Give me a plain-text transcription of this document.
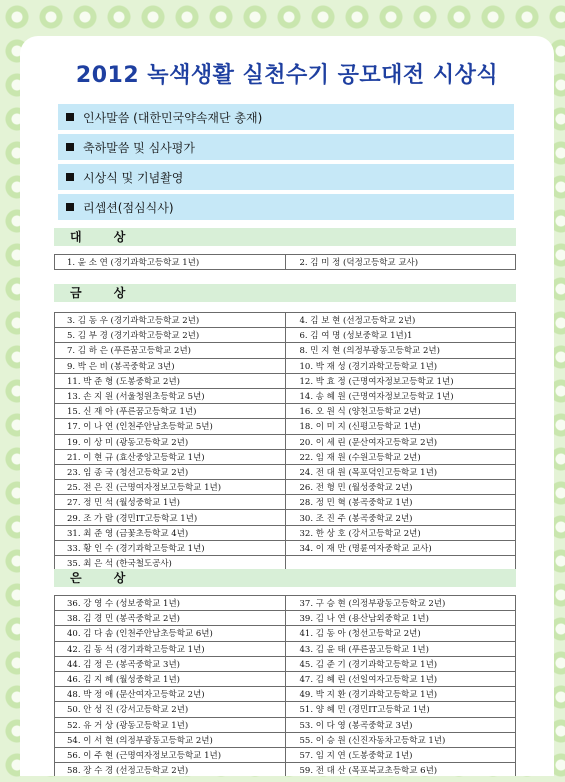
2012 녹색생활 실천수기 공모대전 시상식
인사말씀 (대한민국약속재단 총재)
축하말씀 및 심사평가
시상식 및 기념촬영
리셉션(점심식사)
대 상
1. 윤 소 연 (경기과학고등학교 1년)	2. 김 미 정 (덕정고등학교 교사)
금 상
3. 김 동 우 (경기과학고등학교 2년)	4. 김 보 현 (선정고등학교 2년)
5. 김 부 경 (경기과학고등학교 2년)	6. 김 여 명 (성보중학교 1년)1
7. 김 하 은 (푸른꿈고등학교 2년)	8. 민 지 현 (의정부광동고등학교 2년)
9. 박 은 비 (봉곡중학교 3년)	10. 박 재 성 (경기과학고등학교 1년)
11. 박 준 형 (도봉중학교 2년)	12. 박 효 정 (근명여자정보고등학교 1년)
13. 손 지 원 (서울청원초등학교 5년)	14. 송 혜 원 (근명여자정보고등학교 1년)
15. 신 재 아 (푸른꿈고등학교 1년)	16. 오 원 식 (양천고등학교 2년)
17. 이 나 연 (인천주안남초등학교 5년)	18. 이 미 지 (신평고등학교 1년)
19. 이 상 미 (광동고등학교 2년)	20. 이 세 린 (문산여자고등학교 2년)
21. 이 현 규 (효산중앙고등학교 1년)	22. 임 재 원 (수원고등학교 2년)
23. 임 종 국 (청선고등학교 2년)	24. 전 대 원 (목포덕인고등학교 1년)
25. 전 은 진 (근명여자정보고등학교 1년)	26. 전 형 민 (월성중학교 2년)
27. 정 민 석 (월성중학교 1년)	28. 정 민 혁 (봉곡중학교 1년)
29. 조 가 람 (경민IT고등학교 1년)	30. 조 진 주 (봉곡중학교 2년)
31. 최 준 영 (금꽃초등학교 4년)	32. 한 상 호 (강서고등학교 2년)
33. 황 인 수 (경기과학고등학교 1년)	34. 이 재 만 (명륜여자중학교 교사)
35. 최 은 석 (한국철도공사)	
은 상
36. 강 영 수 (성보중학교 1년)	37. 구 승 현 (의정부광동고등학교 2년)
38. 김 경 민 (봉곡중학교 2년)	39. 김 나 연 (용산남외중학교 1년)
40. 김 다 솜 (인천주안남초등학교 6년)	41. 김 동 아 (청선고등학교 2년)
42. 김 동 석 (경기과학고등학교 1년)	43. 김 윤 태 (푸른꿈고등학교 1년)
44. 김 정 은 (봉곡중학교 3년)	45. 김 준 기 (경기과학고등학교 1년)
46. 김 지 혜 (월성중학교 1년)	47. 김 혜 린 (선일여자고등학교 1년)
48. 박 정 애 (문산여자고등학교 2년)	49. 박 지 환 (경기과학고등학교 1년)
50. 안 성 진 (강서고등학교 2년)	51. 양 혜 민 (경민IT고등학교 1년)
52. 유 거 상 (광동고등학교 1년)	53. 이 다 영 (봉곡중학교 3년)
54. 이 서 현 (의정부광동고등학교 2년)	55. 이 승 원 (신진자동차고등학교 1년)
56. 이 주 현 (근명여자정보고등학교 1년)	57. 임 지 연 (도봉중학교 1년)
58. 장 수 경 (선정고등학교 2년)	59. 전 대 산 (목포북교초등학교 6년)
